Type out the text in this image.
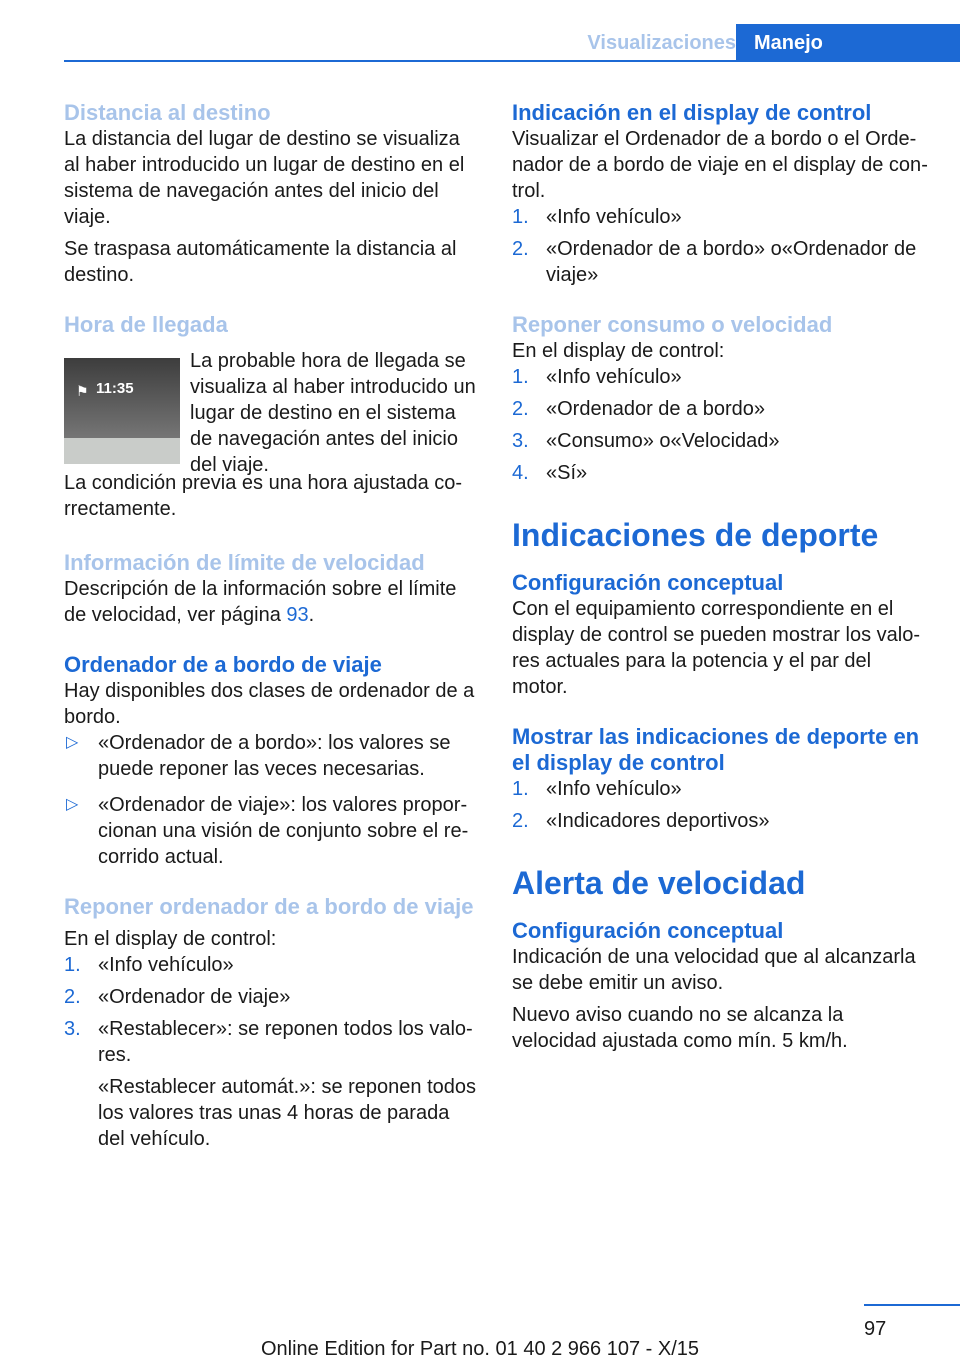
Visualizaciones Manejo
Distancia al destino

La distancia del lugar de destino se visualiza al haber introducido un lugar de destino en el sistema de navegación antes del inicio del viaje.

Se traspasa automáticamente la distancia al destino.

Hora de llegada
⚑ 11:35

La probable hora de llegada se visualiza al haber introducido un lugar de destino en el sistema de navegación antes del inicio del viaje.

La condición previa es una hora ajustada correctamente.

Información de límite de velocidad

Descripción de la información sobre el límite de velocidad, ver página 93.

Ordenador de a bordo de viaje

Hay disponibles dos clases de ordenador de a bordo.

▷ «Ordenador de a bordo»: los valores se puede reponer las veces necesarias.
▷ «Ordenador de viaje»: los valores proporcionan una visión de conjunto sobre el recorrido actual.
Reponer ordenador de a bordo de viaje

En el display de control:

1. «Info vehículo»
2. «Ordenador de viaje»
3. «Restablecer»: se reponen todos los valores.

«Restablecer automát.»: se reponen todos los valores tras unas 4 horas de parada del vehículo.

Indicación en el display de control

Visualizar el Ordenador de a bordo o el Ordenador de a bordo de viaje en el display de control.

1. «Info vehículo»
2. «Ordenador de a bordo» o«Ordenador de viaje»
Reponer consumo o velocidad

En el display de control:

1. «Info vehículo»
2. «Ordenador de a bordo»
3. «Consumo» o«Velocidad»
4. «Sí»
Indicaciones de deporte
Configuración conceptual

Con el equipamiento correspondiente en el display de control se pueden mostrar los valores actuales para la potencia y el par del motor.

Mostrar las indicaciones de deporte en el display de control
1. «Info vehículo»
2. «Indicadores deportivos»
Alerta de velocidad
Configuración conceptual

Indicación de una velocidad que al alcanzarla se debe emitir un aviso.

Nuevo aviso cuando no se alcanza la velocidad ajustada como mín. 5 km/h.

97
Online Edition for Part no. 01 40 2 966 107 - X/15
